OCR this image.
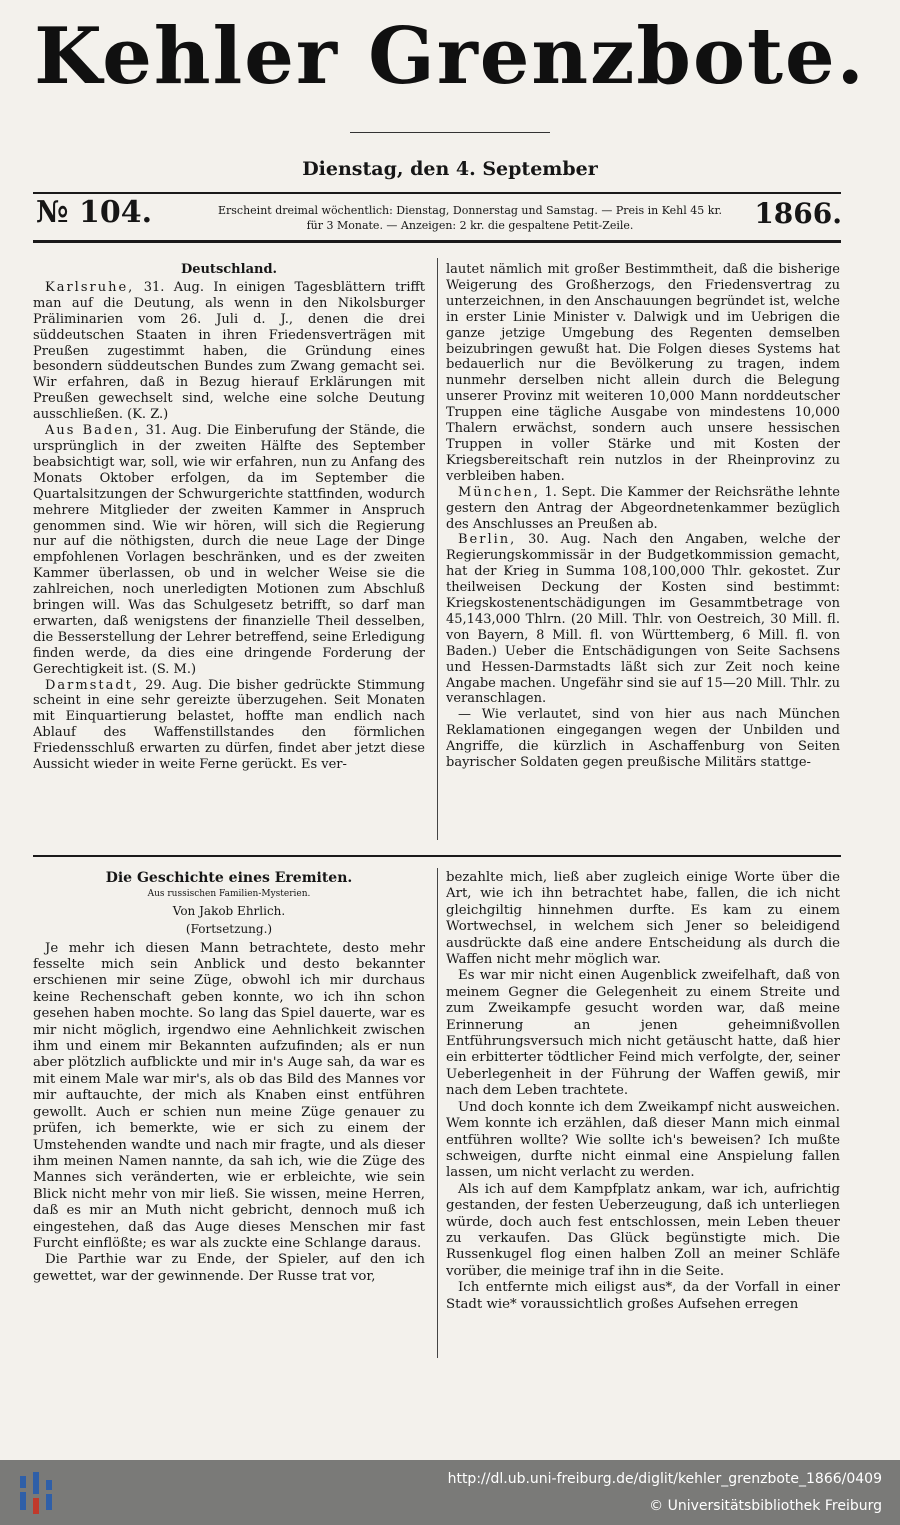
Kehler Grenzbote.
Dienstag, den 4. September
№ 104.	Erscheint dreimal wöchentlich: Dienstag, Donnerstag und Samstag. — Preis in Kehl 45 kr.
für 3 Monate. — Anzeigen: 2 kr. die gespaltene Petit-Zeile.	1866.

Deutschland.

Karlsruhe, 31. Aug. In einigen Tagesblättern trifft man auf die Deutung, als wenn in den Nikolsburger Präliminarien vom 26. Juli d. J., denen die drei süddeutschen Staaten in ihren Friedensverträgen mit Preußen zugestimmt haben, die Gründung eines besondern süddeutschen Bundes zum Zwang gemacht sei. Wir erfahren, daß in Bezug hierauf Erklärungen mit Preußen gewechselt sind, welche eine solche Deutung ausschließen. (K. Z.)

Aus Baden, 31. Aug. Die Einberufung der Stände, die ursprünglich in der zweiten Hälfte des September beabsichtigt war, soll, wie wir erfahren, nun zu Anfang des Monats Oktober erfolgen, da im September die Quartalsitzungen der Schwurgerichte stattfinden, wodurch mehrere Mitglieder der zweiten Kammer in Anspruch genommen sind. Wie wir hören, will sich die Regierung nur auf die nöthigsten, durch die neue Lage der Dinge empfohlenen Vorlagen beschränken, und es der zweiten Kammer überlassen, ob und in welcher Weise sie die zahlreichen, noch unerledigten Motionen zum Abschluß bringen will. Was das Schulgesetz betrifft, so darf man erwarten, daß wenigstens der finanzielle Theil desselben, die Besserstellung der Lehrer betreffend, seine Erledigung finden werde, da dies eine dringende Forderung der Gerechtigkeit ist. (S. M.)

Darmstadt, 29. Aug. Die bisher gedrückte Stimmung scheint in eine sehr gereizte überzugehen. Seit Monaten mit Einquartierung belastet, hoffte man endlich nach Ablauf des Waffenstillstandes den förmlichen Friedensschluß erwarten zu dürfen, findet aber jetzt diese Aussicht wieder in weite Ferne gerückt. Es ver-

lautet nämlich mit großer Bestimmtheit, daß die bisherige Weigerung des Großherzogs, den Friedensvertrag zu unterzeichnen, in den Anschauungen begründet ist, welche in erster Linie Minister v. Dalwigk und im Uebrigen die ganze jetzige Umgebung des Regenten demselben beizubringen gewußt hat. Die Folgen dieses Systems hat bedauerlich nur die Bevölkerung zu tragen, indem nunmehr derselben nicht allein durch die Belegung unserer Provinz mit weiteren 10,000 Mann norddeutscher Truppen eine tägliche Ausgabe von mindestens 10,000 Thalern erwächst, sondern auch unsere hessischen Truppen in voller Stärke und mit Kosten der Kriegsbereitschaft rein nutzlos in der Rheinprovinz zu verbleiben haben.

München, 1. Sept. Die Kammer der Reichsräthe lehnte gestern den Antrag der Abgeordnetenkammer bezüglich des Anschlusses an Preußen ab.

Berlin, 30. Aug. Nach den Angaben, welche der Regierungskommissär in der Budgetkommission gemacht, hat der Krieg in Summa 108,100,000 Thlr. gekostet. Zur theilweisen Deckung der Kosten sind bestimmt: Kriegskostenentschädigungen im Gesammtbetrage von 45,143,000 Thlrn. (20 Mill. Thlr. von Oestreich, 30 Mill. fl. von Bayern, 8 Mill. fl. von Württemberg, 6 Mill. fl. von Baden.) Ueber die Entschädigungen von Seite Sachsens und Hessen-Darmstadts läßt sich zur Zeit noch keine Angabe machen. Ungefähr sind sie auf 15—20 Mill. Thlr. zu veranschlagen.

— Wie verlautet, sind von hier aus nach München Reklamationen eingegangen wegen der Unbilden und Angriffe, die kürzlich in Aschaffenburg von Seiten bayrischer Soldaten gegen preußische Militärs stattge-

Die Geschichte eines Eremiten.

Aus russischen Familien-Mysterien.

Von Jakob Ehrlich.

(Fortsetzung.)

Je mehr ich diesen Mann betrachtete, desto mehr fesselte mich sein Anblick und desto bekannter erschienen mir seine Züge, obwohl ich mir durchaus keine Rechenschaft geben konnte, wo ich ihn schon gesehen haben mochte. So lang das Spiel dauerte, war es mir nicht möglich, irgendwo eine Aehnlichkeit zwischen ihm und einem mir Bekannten aufzufinden; als er nun aber plötzlich aufblickte und mir in's Auge sah, da war es mit einem Male war mir's, als ob das Bild des Mannes vor mir auftauchte, der mich als Knaben einst entführen gewollt. Auch er schien nun meine Züge genauer zu prüfen, ich bemerkte, wie er sich zu einem der Umstehenden wandte und nach mir fragte, und als dieser ihm meinen Namen nannte, da sah ich, wie die Züge des Mannes sich veränderten, wie er erbleichte, wie sein Blick nicht mehr von mir ließ. Sie wissen, meine Herren, daß es mir an Muth nicht gebricht, dennoch muß ich eingestehen, daß das Auge dieses Menschen mir fast Furcht einflößte; es war als zuckte eine Schlange daraus.

Die Parthie war zu Ende, der Spieler, auf den ich gewettet, war der gewinnende. Der Russe trat vor,

bezahlte mich, ließ aber zugleich einige Worte über die Art, wie ich ihn betrachtet habe, fallen, die ich nicht gleichgiltig hinnehmen durfte. Es kam zu einem Wortwechsel, in welchem sich Jener so beleidigend ausdrückte daß eine andere Entscheidung als durch die Waffen nicht mehr möglich war.

Es war mir nicht einen Augenblick zweifelhaft, daß von meinem Gegner die Gelegenheit zu einem Streite und zum Zweikampfe gesucht worden war, daß meine Erinnerung an jenen geheimnißvollen Entführungsversuch mich nicht getäuscht hatte, daß hier ein erbitterter tödtlicher Feind mich verfolgte, der, seiner Ueberlegenheit in der Führung der Waffen gewiß, mir nach dem Leben trachtete.

Und doch konnte ich dem Zweikampf nicht ausweichen. Wem konnte ich erzählen, daß dieser Mann mich einmal entführen wollte? Wie sollte ich's beweisen? Ich mußte schweigen, durfte nicht einmal eine Anspielung fallen lassen, um nicht verlacht zu werden.

Als ich auf dem Kampfplatz ankam, war ich, aufrichtig gestanden, der festen Ueberzeugung, daß ich unterliegen würde, doch auch fest entschlossen, mein Leben theuer zu verkaufen. Das Glück begünstigte mich. Die Russenkugel flog einen halben Zoll an meiner Schläfe vorüber, die meinige traf ihn in die Seite.

Ich entfernte mich eiligst aus*, da der Vorfall in einer Stadt wie* voraussichtlich großes Aufsehen erregen

http://dl.ub.uni-freiburg.de/diglit/kehler_grenzbote_1866/0409
© Universitätsbibliothek Freiburg
